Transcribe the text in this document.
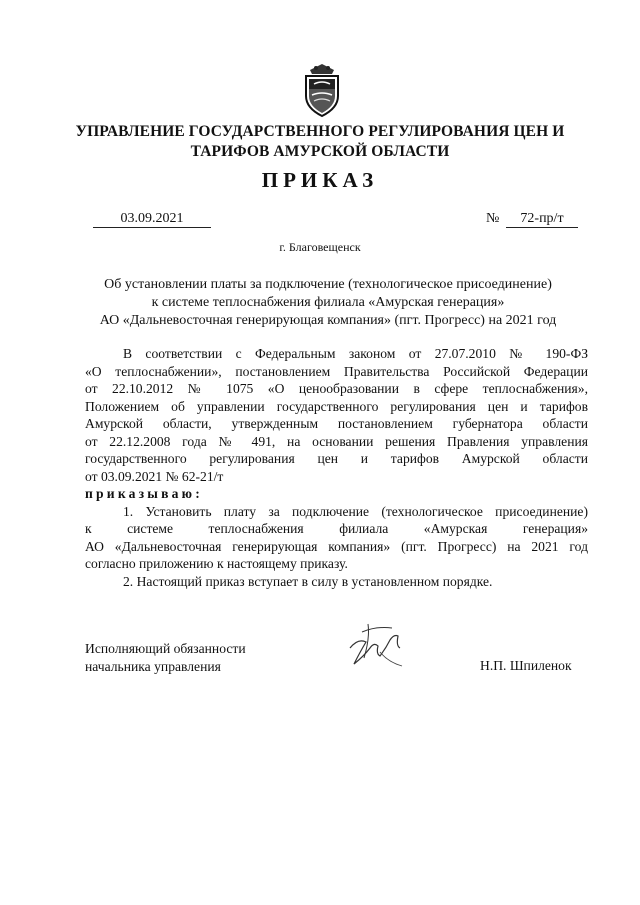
УПРАВЛЕНИЕ ГОСУДАРСТВЕННОГО РЕГУЛИРОВАНИЯ ЦЕН И
ТАРИФОВ АМУРСКОЙ ОБЛАСТИ
ПРИКАЗ
03.09.2021	№	72-пр/т
г. Благовещенск
Об установлении платы за подключение (технологическое присоединение)
к системе теплоснабжения филиала «Амурская генерация»
АО «Дальневосточная генерирующая компания» (пгт. Прогресс) на 2021 год

В соответствии с Федеральным законом от 27.07.2010 № 190-ФЗ

«О теплоснабжении», постановлением Правительства Российской Федерации

от 22.10.2012 № 1075 «О ценообразовании в сфере теплоснабжения»,

Положением об управлении государственного регулирования цен и тарифов

Амурской области, утвержденным постановлением губернатора области

от 22.12.2008 года № 491, на основании решения Правления управления

государственного регулирования цен и тарифов Амурской области

от 03.09.2021 № 62-21/т

приказываю:

1. Установить плату за подключение (технологическое присоединение)

к системе теплоснабжения филиала «Амурская генерация»

АО «Дальневосточная генерирующая компания» (пгт. Прогресс) на 2021 год

согласно приложению к настоящему приказу.

2. Настоящий приказ вступает в силу в установленном порядке.

Исполняющий обязанности
начальника управления	Н.П. Шпиленок
